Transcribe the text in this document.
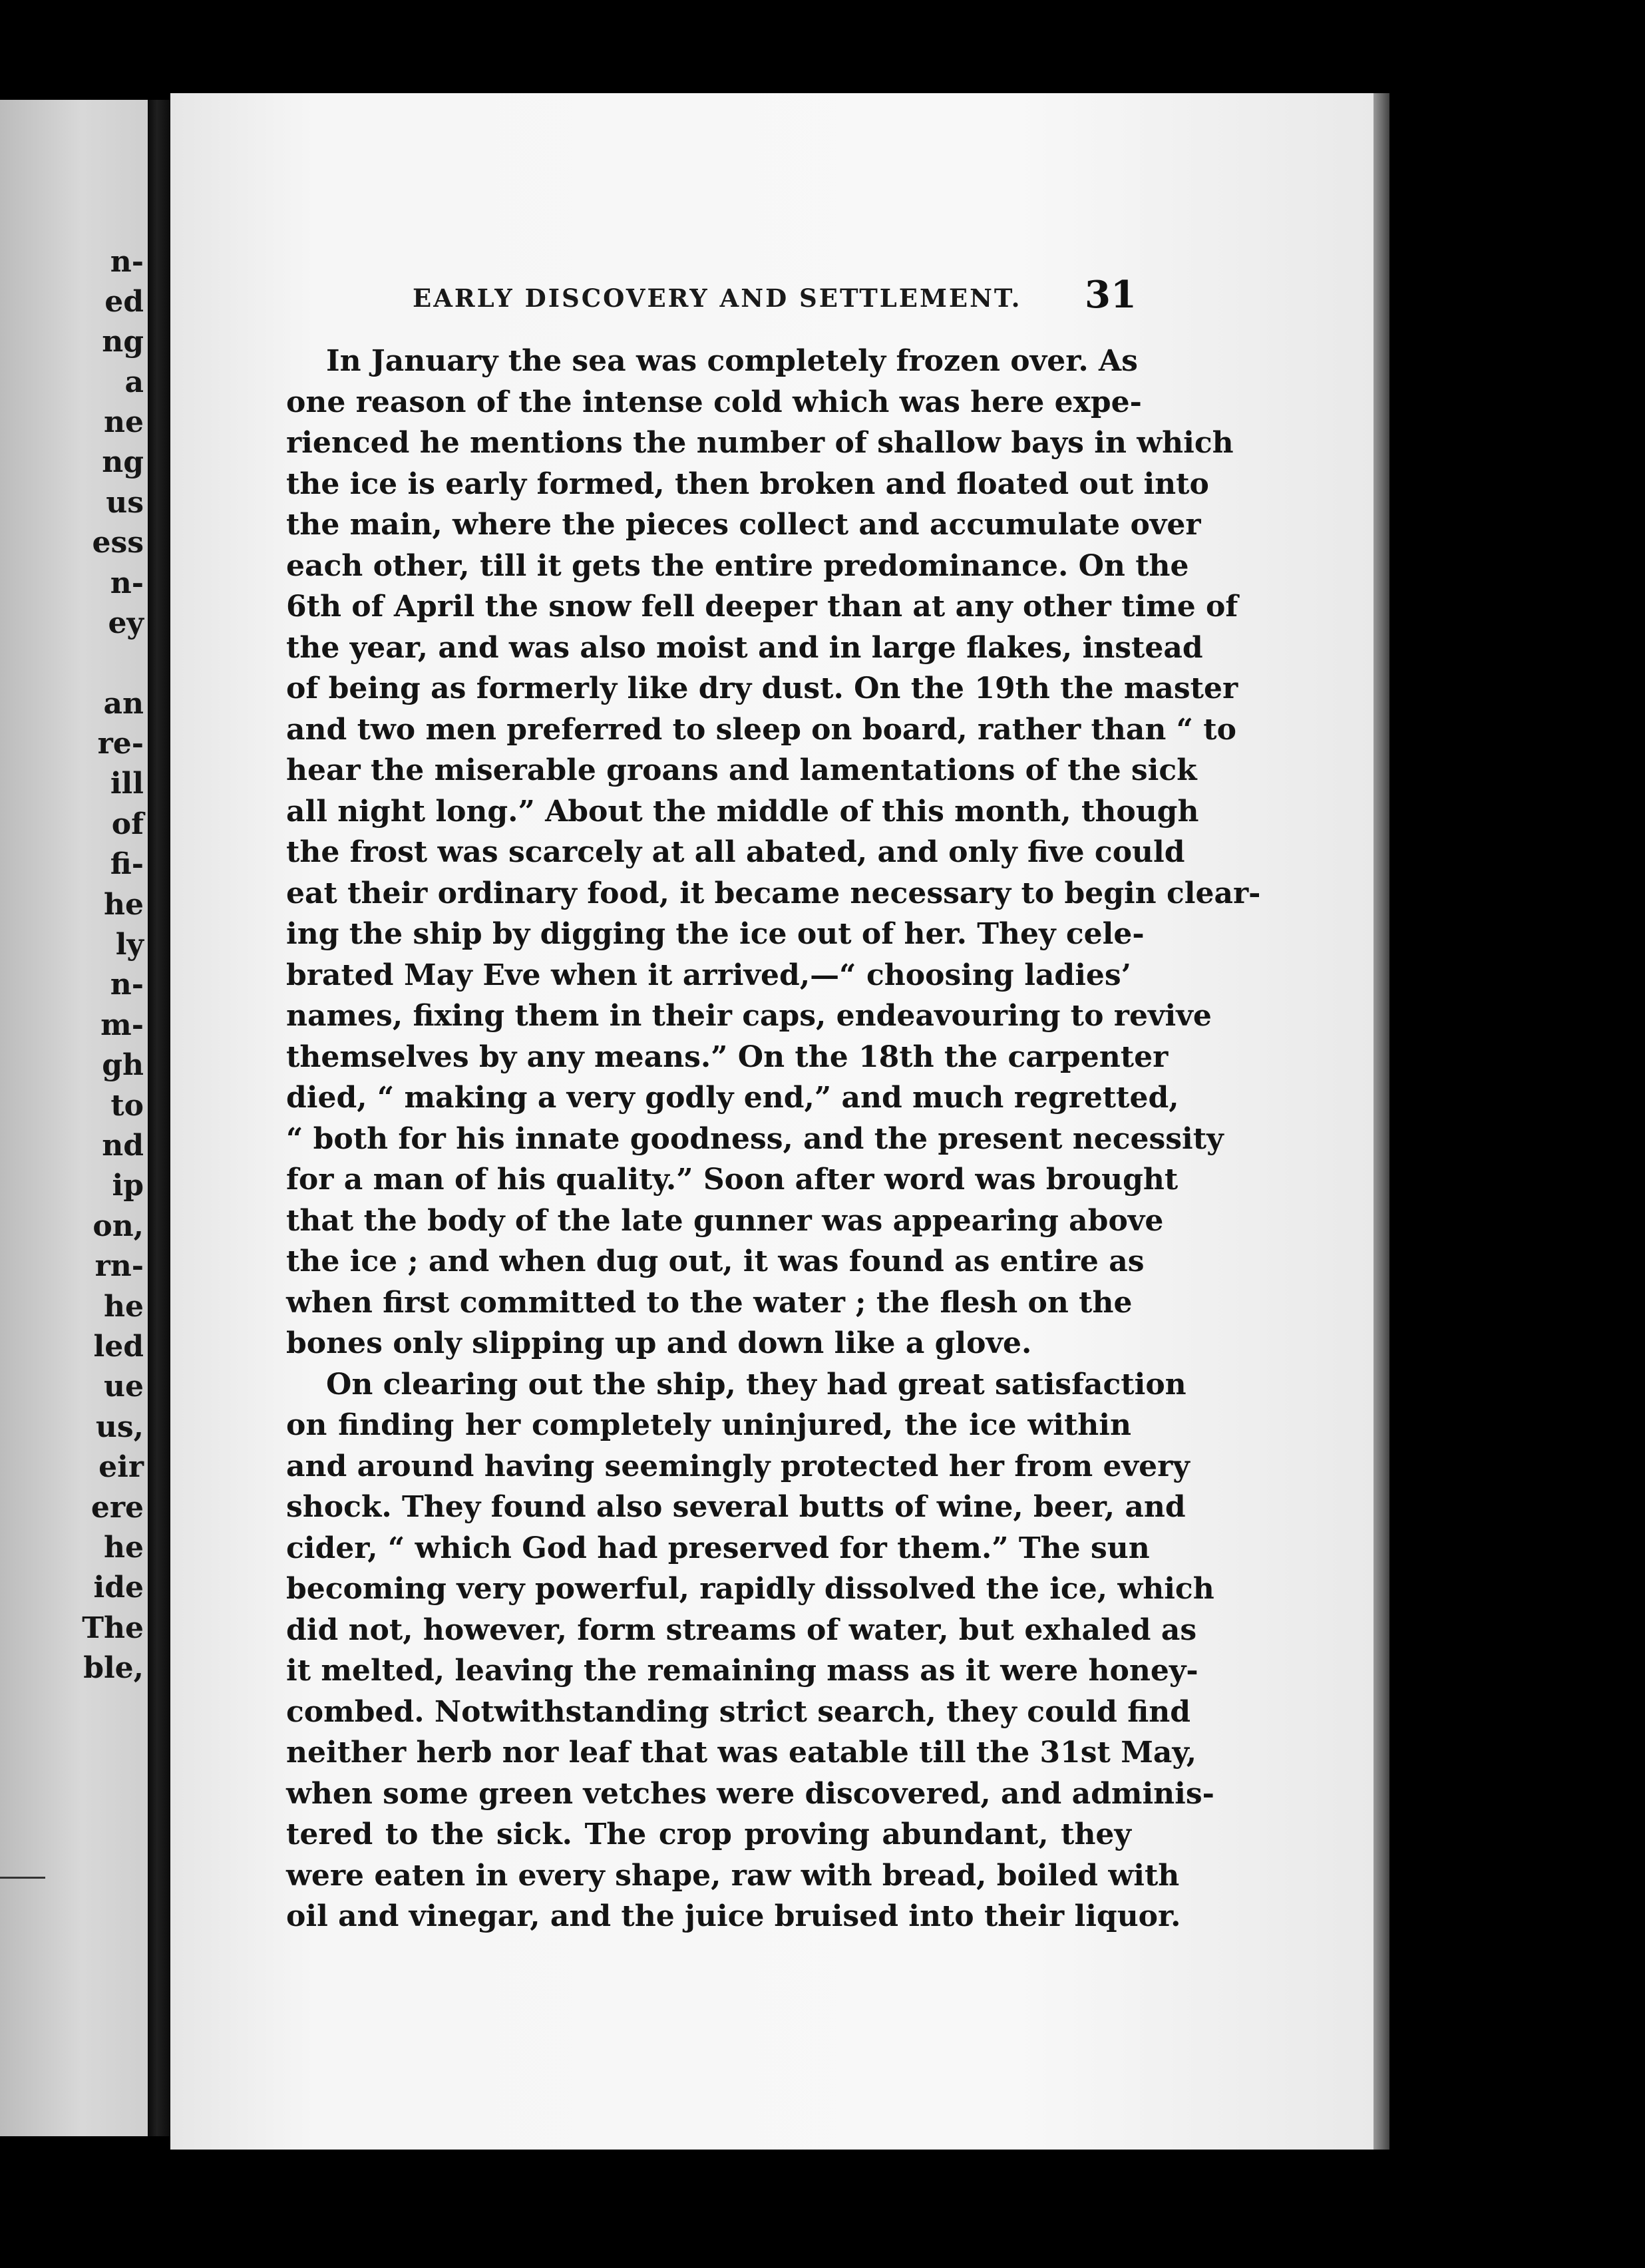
n-
ed
ng
a
ne
ng
us
ess
n-
ey
an
re-
ill
of
fi-
he
ly
n-
m-
gh
to
nd
ip
on,
rn-
he
led
ue
us,
eir
ere
he
ide
The
ble,
EARLY DISCOVERY AND SETTLEMENT. 31
In January the sea was completely frozen over. As
one reason of the intense cold which was here expe-
rienced he mentions the number of shallow bays in which
the ice is early formed, then broken and floated out into
the main, where the pieces collect and accumulate over
each other, till it gets the entire predominance. On the
6th of April the snow fell deeper than at any other time of
the year, and was also moist and in large flakes, instead
of being as formerly like dry dust. On the 19th the master
and two men preferred to sleep on board, rather than “ to
hear the miserable groans and lamentations of the sick
all night long.” About the middle of this month, though
the frost was scarcely at all abated, and only five could
eat their ordinary food, it became necessary to begin clear-
ing the ship by digging the ice out of her. They cele-
brated May Eve when it arrived,—“ choosing ladies’
names, fixing them in their caps, endeavouring to revive
themselves by any means.” On the 18th the carpenter
died, “ making a very godly end,” and much regretted,
“ both for his innate goodness, and the present necessity
for a man of his quality.” Soon after word was brought
that the body of the late gunner was appearing above
the ice ; and when dug out, it was found as entire as
when first committed to the water ; the flesh on the
bones only slipping up and down like a glove.
On clearing out the ship, they had great satisfaction
on finding her completely uninjured, the ice within
and around having seemingly protected her from every
shock. They found also several butts of wine, beer, and
cider, “ which God had preserved for them.” The sun
becoming very powerful, rapidly dissolved the ice, which
did not, however, form streams of water, but exhaled as
it melted, leaving the remaining mass as it were honey-
combed. Notwithstanding strict search, they could find
neither herb nor leaf that was eatable till the 31st May,
when some green vetches were discovered, and adminis-
tered to the sick. The crop proving abundant, they
were eaten in every shape, raw with bread, boiled with
oil and vinegar, and the juice bruised into their liquor.
